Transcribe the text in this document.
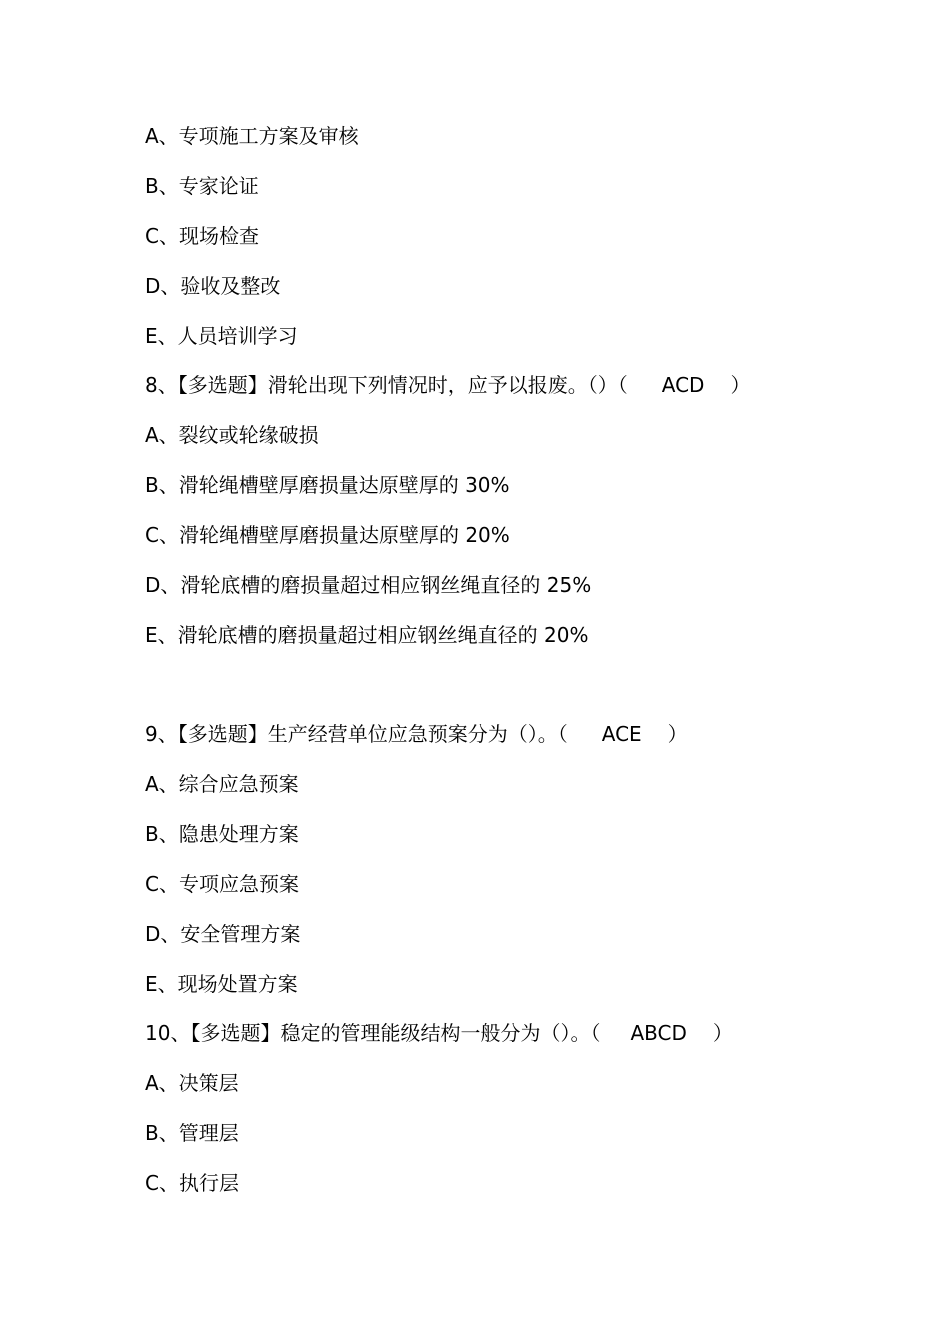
A、专项施工方案及审核
B、专家论证
C、现场检查
D、验收及整改
E、人员培训学习
8、【多选题】滑轮出现下列情况时，应予以报废。（）（ ACD ）
A、裂纹或轮缘破损
B、滑轮绳槽壁厚磨损量达原壁厚的 30%
C、滑轮绳槽壁厚磨损量达原壁厚的 20%
D、滑轮底槽的磨损量超过相应钢丝绳直径的 25%
E、滑轮底槽的磨损量超过相应钢丝绳直径的 20%
9、【多选题】生产经营单位应急预案分为（）。（ ACE ）
A、综合应急预案
B、隐患处理方案
C、专项应急预案
D、安全管理方案
E、现场处置方案
10、【多选题】稳定的管理能级结构一般分为（）。（ ABCD ）
A、决策层
B、管理层
C、执行层
